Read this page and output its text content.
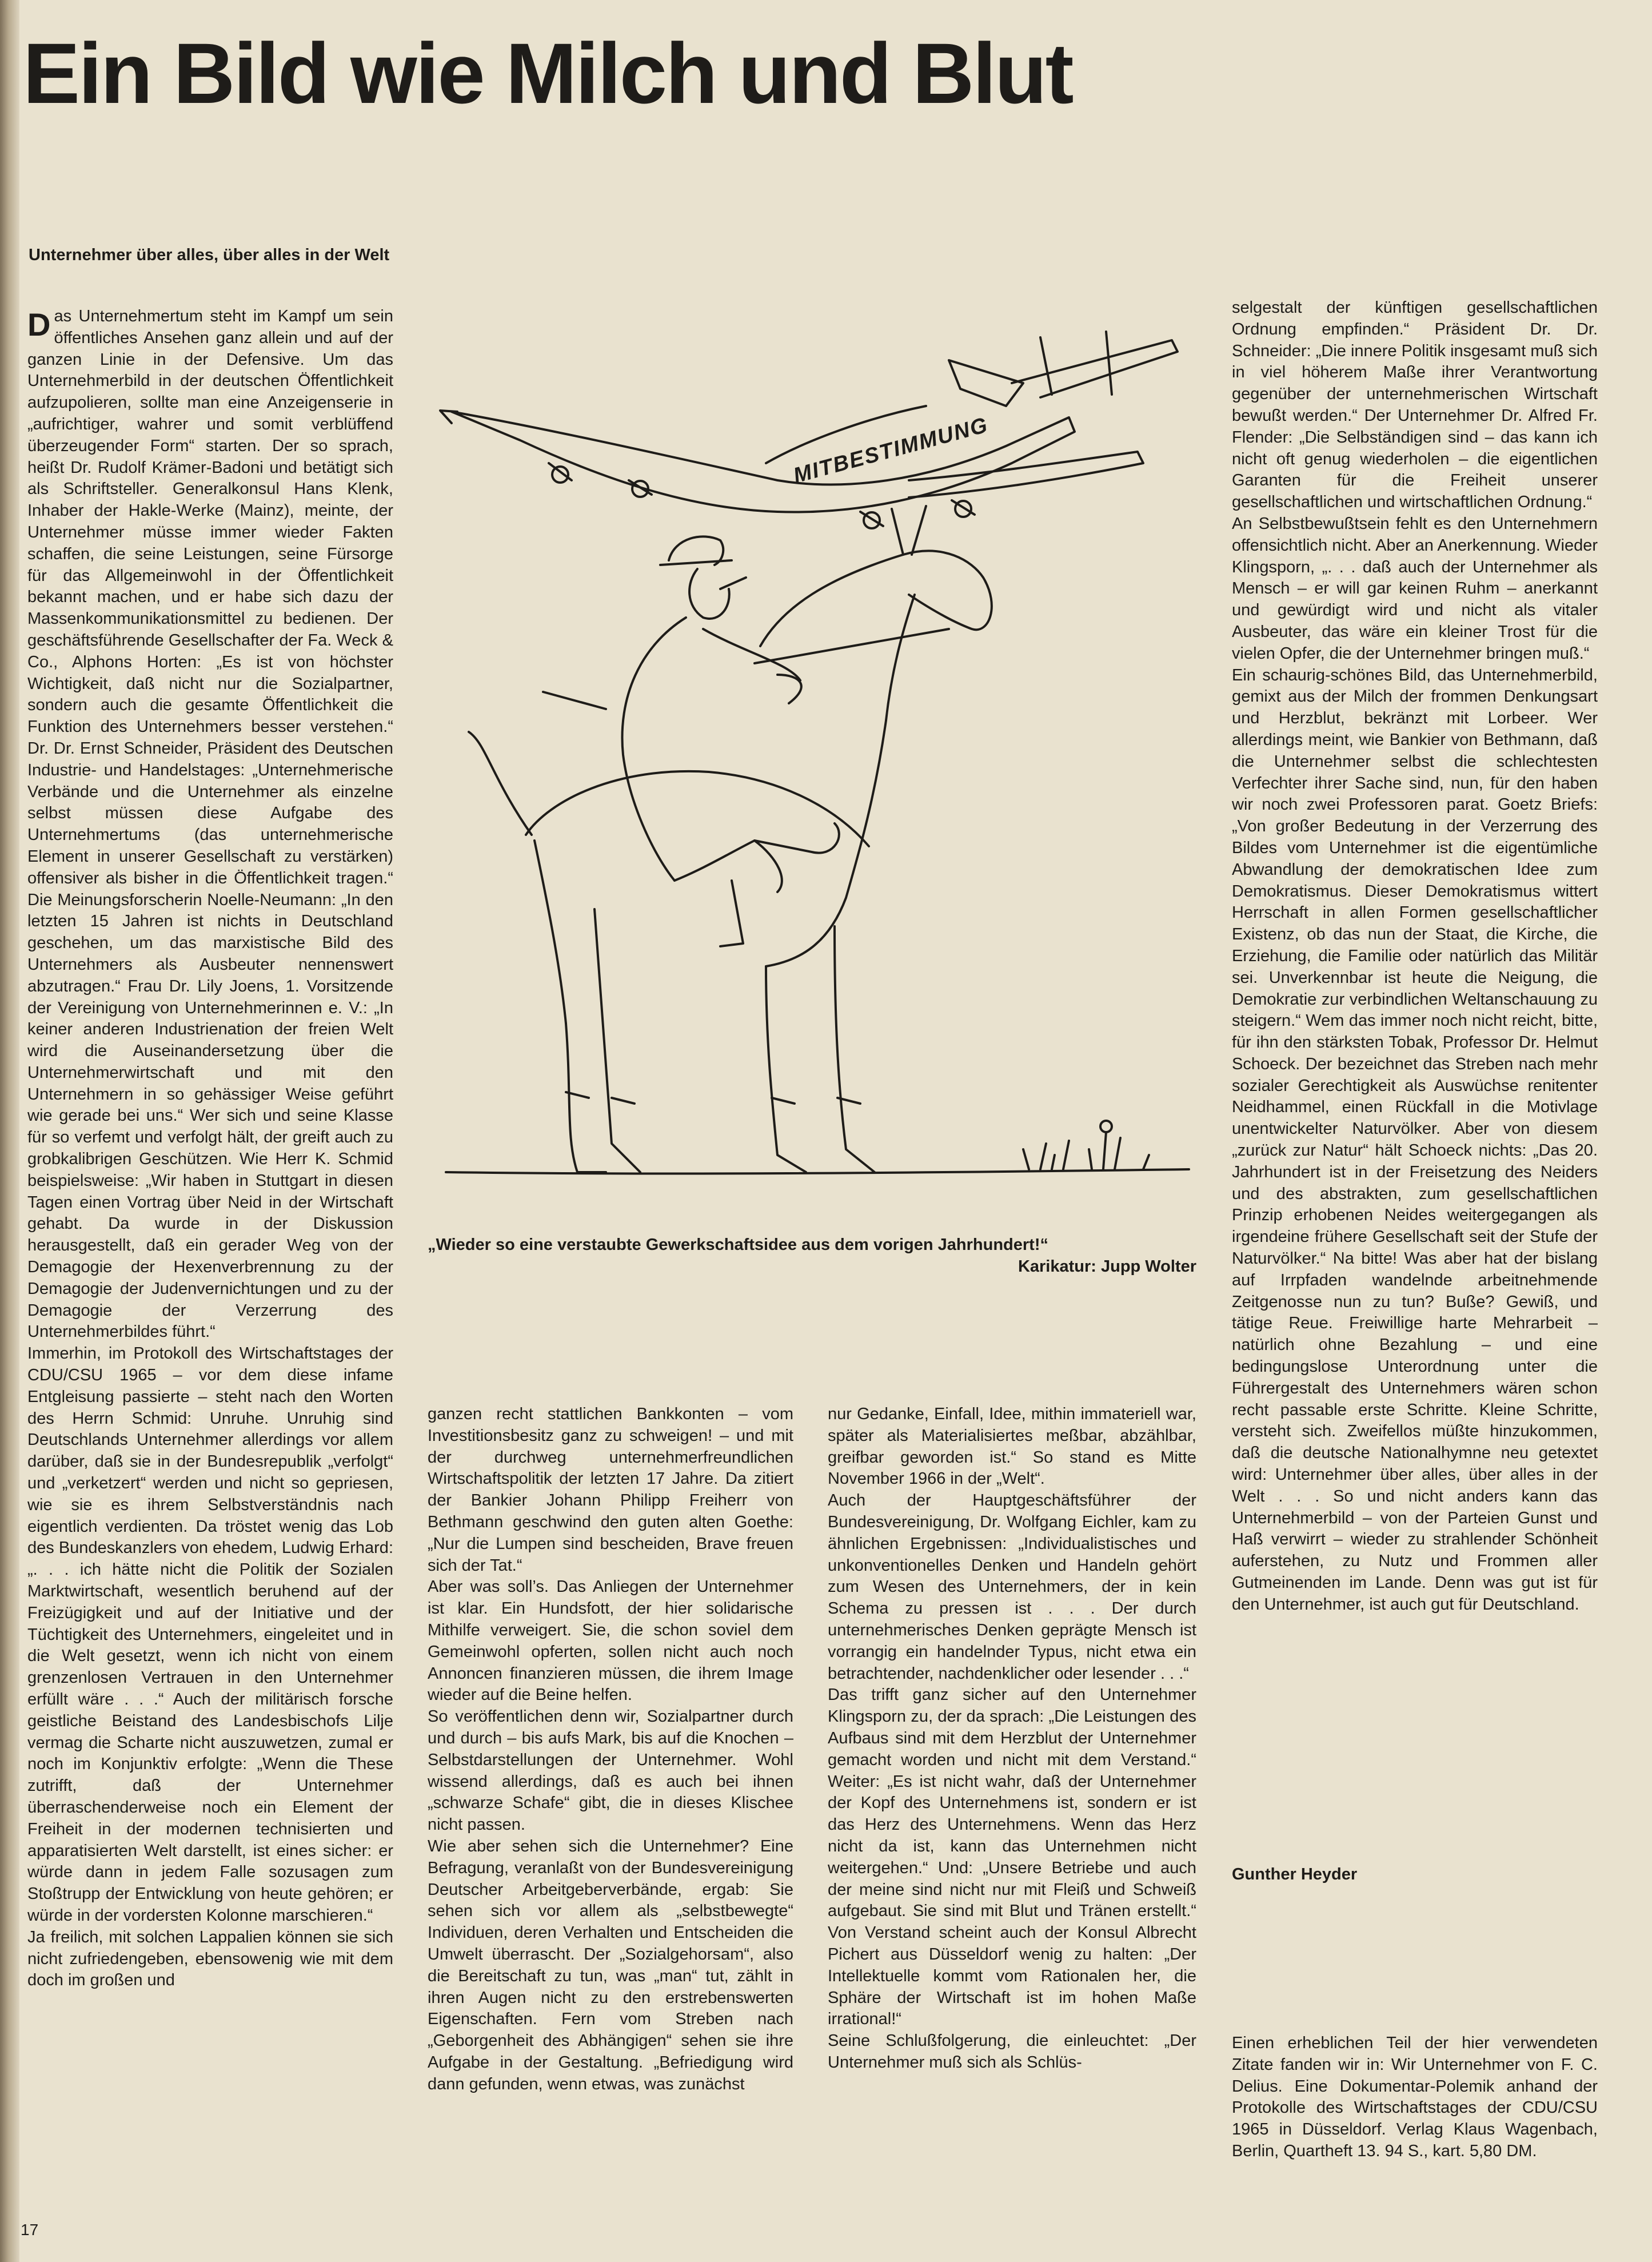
Ein Bild wie Milch und Blut
Unternehmer über alles, über alles in der Welt

Das Unternehmertum steht im Kampf um sein öffentliches Ansehen ganz allein und auf der ganzen Linie in der Defensive. Um das Unternehmerbild in der deutschen Öffentlichkeit aufzupolieren, sollte man eine Anzeigenserie in „aufrichtiger, wahrer und somit verblüffend überzeugender Form“ starten. Der so sprach, heißt Dr. Rudolf Krämer-Badoni und betätigt sich als Schriftsteller. Generalkonsul Hans Klenk, Inhaber der Hakle-Werke (Mainz), meinte, der Unternehmer müsse immer wieder Fakten schaffen, die seine Leistungen, seine Fürsorge für das Allgemeinwohl in der Öffentlichkeit bekannt machen, und er habe sich dazu der Massenkommunikationsmittel zu bedienen. Der geschäftsführende Gesellschafter der Fa. Weck & Co., Alphons Horten: „Es ist von höchster Wichtigkeit, daß nicht nur die Sozialpartner, sondern auch die gesamte Öffentlichkeit die Funktion des Unternehmers besser verstehen.“ Dr. Dr. Ernst Schneider, Präsident des Deutschen Industrie- und Handelstages: „Unternehmerische Verbände und die Unternehmer als einzelne selbst müssen diese Aufgabe des Unternehmertums (das unternehmerische Element in unserer Gesellschaft zu verstärken) offensiver als bisher in die Öffentlichkeit tragen.“ Die Meinungsforscherin Noelle-Neumann: „In den letzten 15 Jahren ist nichts in Deutschland geschehen, um das marxistische Bild des Unternehmers als Ausbeuter nennenswert abzutragen.“ Frau Dr. Lily Joens, 1. Vorsitzende der Vereinigung von Unternehmerinnen e. V.: „In keiner anderen Industrienation der freien Welt wird die Auseinandersetzung über die Unternehmerwirtschaft und mit den Unternehmern in so gehässiger Weise geführt wie gerade bei uns.“ Wer sich und seine Klasse für so verfemt und verfolgt hält, der greift auch zu grobkalibrigen Geschützen. Wie Herr K. Schmid beispielsweise: „Wir haben in Stuttgart in diesen Tagen einen Vortrag über Neid in der Wirtschaft gehabt. Da wurde in der Diskussion herausgestellt, daß ein gerader Weg von der Demagogie der Hexenverbrennung zu der Demagogie der Judenvernichtungen und zu der Demagogie der Verzerrung des Unternehmerbildes führt.“

Immerhin, im Protokoll des Wirtschaftstages der CDU/CSU 1965 – vor dem diese infame Entgleisung passierte – steht nach den Worten des Herrn Schmid: Unruhe. Unruhig sind Deutschlands Unternehmer allerdings vor allem darüber, daß sie in der Bundesrepublik „verfolgt“ und „verketzert“ werden und nicht so gepriesen, wie sie es ihrem Selbstverständnis nach eigentlich verdienten. Da tröstet wenig das Lob des Bundeskanzlers von ehedem, Ludwig Erhard: „. . . ich hätte nicht die Politik der Sozialen Marktwirtschaft, wesentlich beruhend auf der Freizügigkeit und auf der Initiative und der Tüchtigkeit des Unternehmers, eingeleitet und in die Welt gesetzt, wenn ich nicht von einem grenzenlosen Vertrauen in den Unternehmer erfüllt wäre . . .“ Auch der militärisch forsche geistliche Beistand des Landesbischofs Lilje vermag die Scharte nicht auszuwetzen, zumal er noch im Konjunktiv erfolgte: „Wenn die These zutrifft, daß der Unternehmer überraschenderweise noch ein Element der Freiheit in der modernen technisierten und apparatisierten Welt darstellt, ist eines sicher: er würde dann in jedem Falle sozusagen zum Stoßtrupp der Entwicklung von heute gehören; er würde in der vordersten Kolonne marschieren.“

Ja freilich, mit solchen Lappalien können sie sich nicht zufriedengeben, ebensowenig wie mit dem doch im großen und

MITBESTIMMUNG
„Wieder so eine verstaubte Gewerkschaftsidee aus dem vorigen Jahrhundert!“
Karikatur: Jupp Wolter

ganzen recht stattlichen Bankkonten – vom Investitionsbesitz ganz zu schweigen! – und mit der durchweg unternehmerfreundlichen Wirtschaftspolitik der letzten 17 Jahre. Da zitiert der Bankier Johann Philipp Freiherr von Bethmann geschwind den guten alten Goethe: „Nur die Lumpen sind bescheiden, Brave freuen sich der Tat.“

Aber was soll’s. Das Anliegen der Unternehmer ist klar. Ein Hundsfott, der hier solidarische Mithilfe verweigert. Sie, die schon soviel dem Gemeinwohl opferten, sollen nicht auch noch Annoncen finanzieren müssen, die ihrem Image wieder auf die Beine helfen.

So veröffentlichen denn wir, Sozialpartner durch und durch – bis aufs Mark, bis auf die Knochen – Selbstdarstellungen der Unternehmer. Wohl wissend allerdings, daß es auch bei ihnen „schwarze Schafe“ gibt, die in dieses Klischee nicht passen.

Wie aber sehen sich die Unternehmer? Eine Befragung, veranlaßt von der Bundesvereinigung Deutscher Arbeitgeberverbände, ergab: Sie sehen sich vor allem als „selbstbewegte“ Individuen, deren Verhalten und Entscheiden die Umwelt überrascht. Der „Sozialgehorsam“, also die Bereitschaft zu tun, was „man“ tut, zählt in ihren Augen nicht zu den erstrebenswerten Eigenschaften. Fern vom Streben nach „Geborgenheit des Abhängigen“ sehen sie ihre Aufgabe in der Gestaltung. „Befriedigung wird dann gefunden, wenn etwas, was zunächst

nur Gedanke, Einfall, Idee, mithin immateriell war, später als Materialisiertes meßbar, abzählbar, greifbar geworden ist.“ So stand es Mitte November 1966 in der „Welt“.

Auch der Hauptgeschäftsführer der Bundesvereinigung, Dr. Wolfgang Eichler, kam zu ähnlichen Ergebnissen: „Individualistisches und unkonventionelles Denken und Handeln gehört zum Wesen des Unternehmers, der in kein Schema zu pressen ist . . . Der durch unternehmerisches Denken geprägte Mensch ist vorrangig ein handelnder Typus, nicht etwa ein betrachtender, nachdenklicher oder lesender . . .“

Das trifft ganz sicher auf den Unternehmer Klingsporn zu, der da sprach: „Die Leistungen des Aufbaus sind mit dem Herzblut der Unternehmer gemacht worden und nicht mit dem Verstand.“ Weiter: „Es ist nicht wahr, daß der Unternehmer der Kopf des Unternehmens ist, sondern er ist das Herz des Unternehmens. Wenn das Herz nicht da ist, kann das Unternehmen nicht weitergehen.“ Und: „Unsere Betriebe und auch der meine sind nicht nur mit Fleiß und Schweiß aufgebaut. Sie sind mit Blut und Tränen erstellt.“ Von Verstand scheint auch der Konsul Albrecht Pichert aus Düsseldorf wenig zu halten: „Der Intellektuelle kommt vom Rationalen her, die Sphäre der Wirtschaft ist im hohen Maße irrational!“

Seine Schlußfolgerung, die einleuchtet: „Der Unternehmer muß sich als Schlüs-

selgestalt der künftigen gesellschaftlichen Ordnung empfinden.“ Präsident Dr. Dr. Schneider: „Die innere Politik insgesamt muß sich in viel höherem Maße ihrer Verantwortung gegenüber der unternehmerischen Wirtschaft bewußt werden.“ Der Unternehmer Dr. Alfred Fr. Flender: „Die Selbständigen sind – das kann ich nicht oft genug wiederholen – die eigentlichen Garanten für die Freiheit unserer gesellschaftlichen und wirtschaftlichen Ordnung.“

An Selbstbewußtsein fehlt es den Unternehmern offensichtlich nicht. Aber an Anerkennung. Wieder Klingsporn, „. . . daß auch der Unternehmer als Mensch – er will gar keinen Ruhm – anerkannt und gewürdigt wird und nicht als vitaler Ausbeuter, das wäre ein kleiner Trost für die vielen Opfer, die der Unternehmer bringen muß.“

Ein schaurig-schönes Bild, das Unternehmerbild, gemixt aus der Milch der frommen Denkungsart und Herzblut, bekränzt mit Lorbeer. Wer allerdings meint, wie Bankier von Bethmann, daß die Unternehmer selbst die schlechtesten Verfechter ihrer Sache sind, nun, für den haben wir noch zwei Professoren parat. Goetz Briefs: „Von großer Bedeutung in der Verzerrung des Bildes vom Unternehmer ist die eigentümliche Abwandlung der demokratischen Idee zum Demokratismus. Dieser Demokratismus wittert Herrschaft in allen Formen gesellschaftlicher Existenz, ob das nun der Staat, die Kirche, die Erziehung, die Familie oder natürlich das Militär sei. Unverkennbar ist heute die Neigung, die Demokratie zur verbindlichen Weltanschauung zu steigern.“ Wem das immer noch nicht reicht, bitte, für ihn den stärksten Tobak, Professor Dr. Helmut Schoeck. Der bezeichnet das Streben nach mehr sozialer Gerechtigkeit als Auswüchse renitenter Neidhammel, einen Rückfall in die Motivlage unentwickelter Naturvölker. Aber von diesem „zurück zur Natur“ hält Schoeck nichts: „Das 20. Jahrhundert ist in der Freisetzung des Neiders und des abstrakten, zum gesellschaftlichen Prinzip erhobenen Neides weitergegangen als irgendeine frühere Gesellschaft seit der Stufe der Naturvölker.“ Na bitte! Was aber hat der bislang auf Irrpfaden wandelnde arbeitnehmende Zeitgenosse nun zu tun? Buße? Gewiß, und tätige Reue. Freiwillige harte Mehrarbeit – natürlich ohne Bezahlung – und eine bedingungslose Unterordnung unter die Führergestalt des Unternehmers wären schon recht passable erste Schritte. Kleine Schritte, versteht sich. Zweifellos müßte hinzukommen, daß die deutsche Nationalhymne neu getextet wird: Unternehmer über alles, über alles in der Welt . . . So und nicht anders kann das Unternehmerbild – von der Parteien Gunst und Haß verwirrt – wieder zu strahlender Schönheit auferstehen, zu Nutz und Frommen aller Gutmeinenden im Lande. Denn was gut ist für den Unternehmer, ist auch gut für Deutschland.

Gunther Heyder

Einen erheblichen Teil der hier verwendeten Zitate fanden wir in: Wir Unternehmer von F. C. Delius. Eine Dokumentar-Polemik anhand der Protokolle des Wirtschaftstages der CDU/CSU 1965 in Düsseldorf. Verlag Klaus Wagenbach, Berlin, Quartheft 13. 94 S., kart. 5,80 DM.

17
